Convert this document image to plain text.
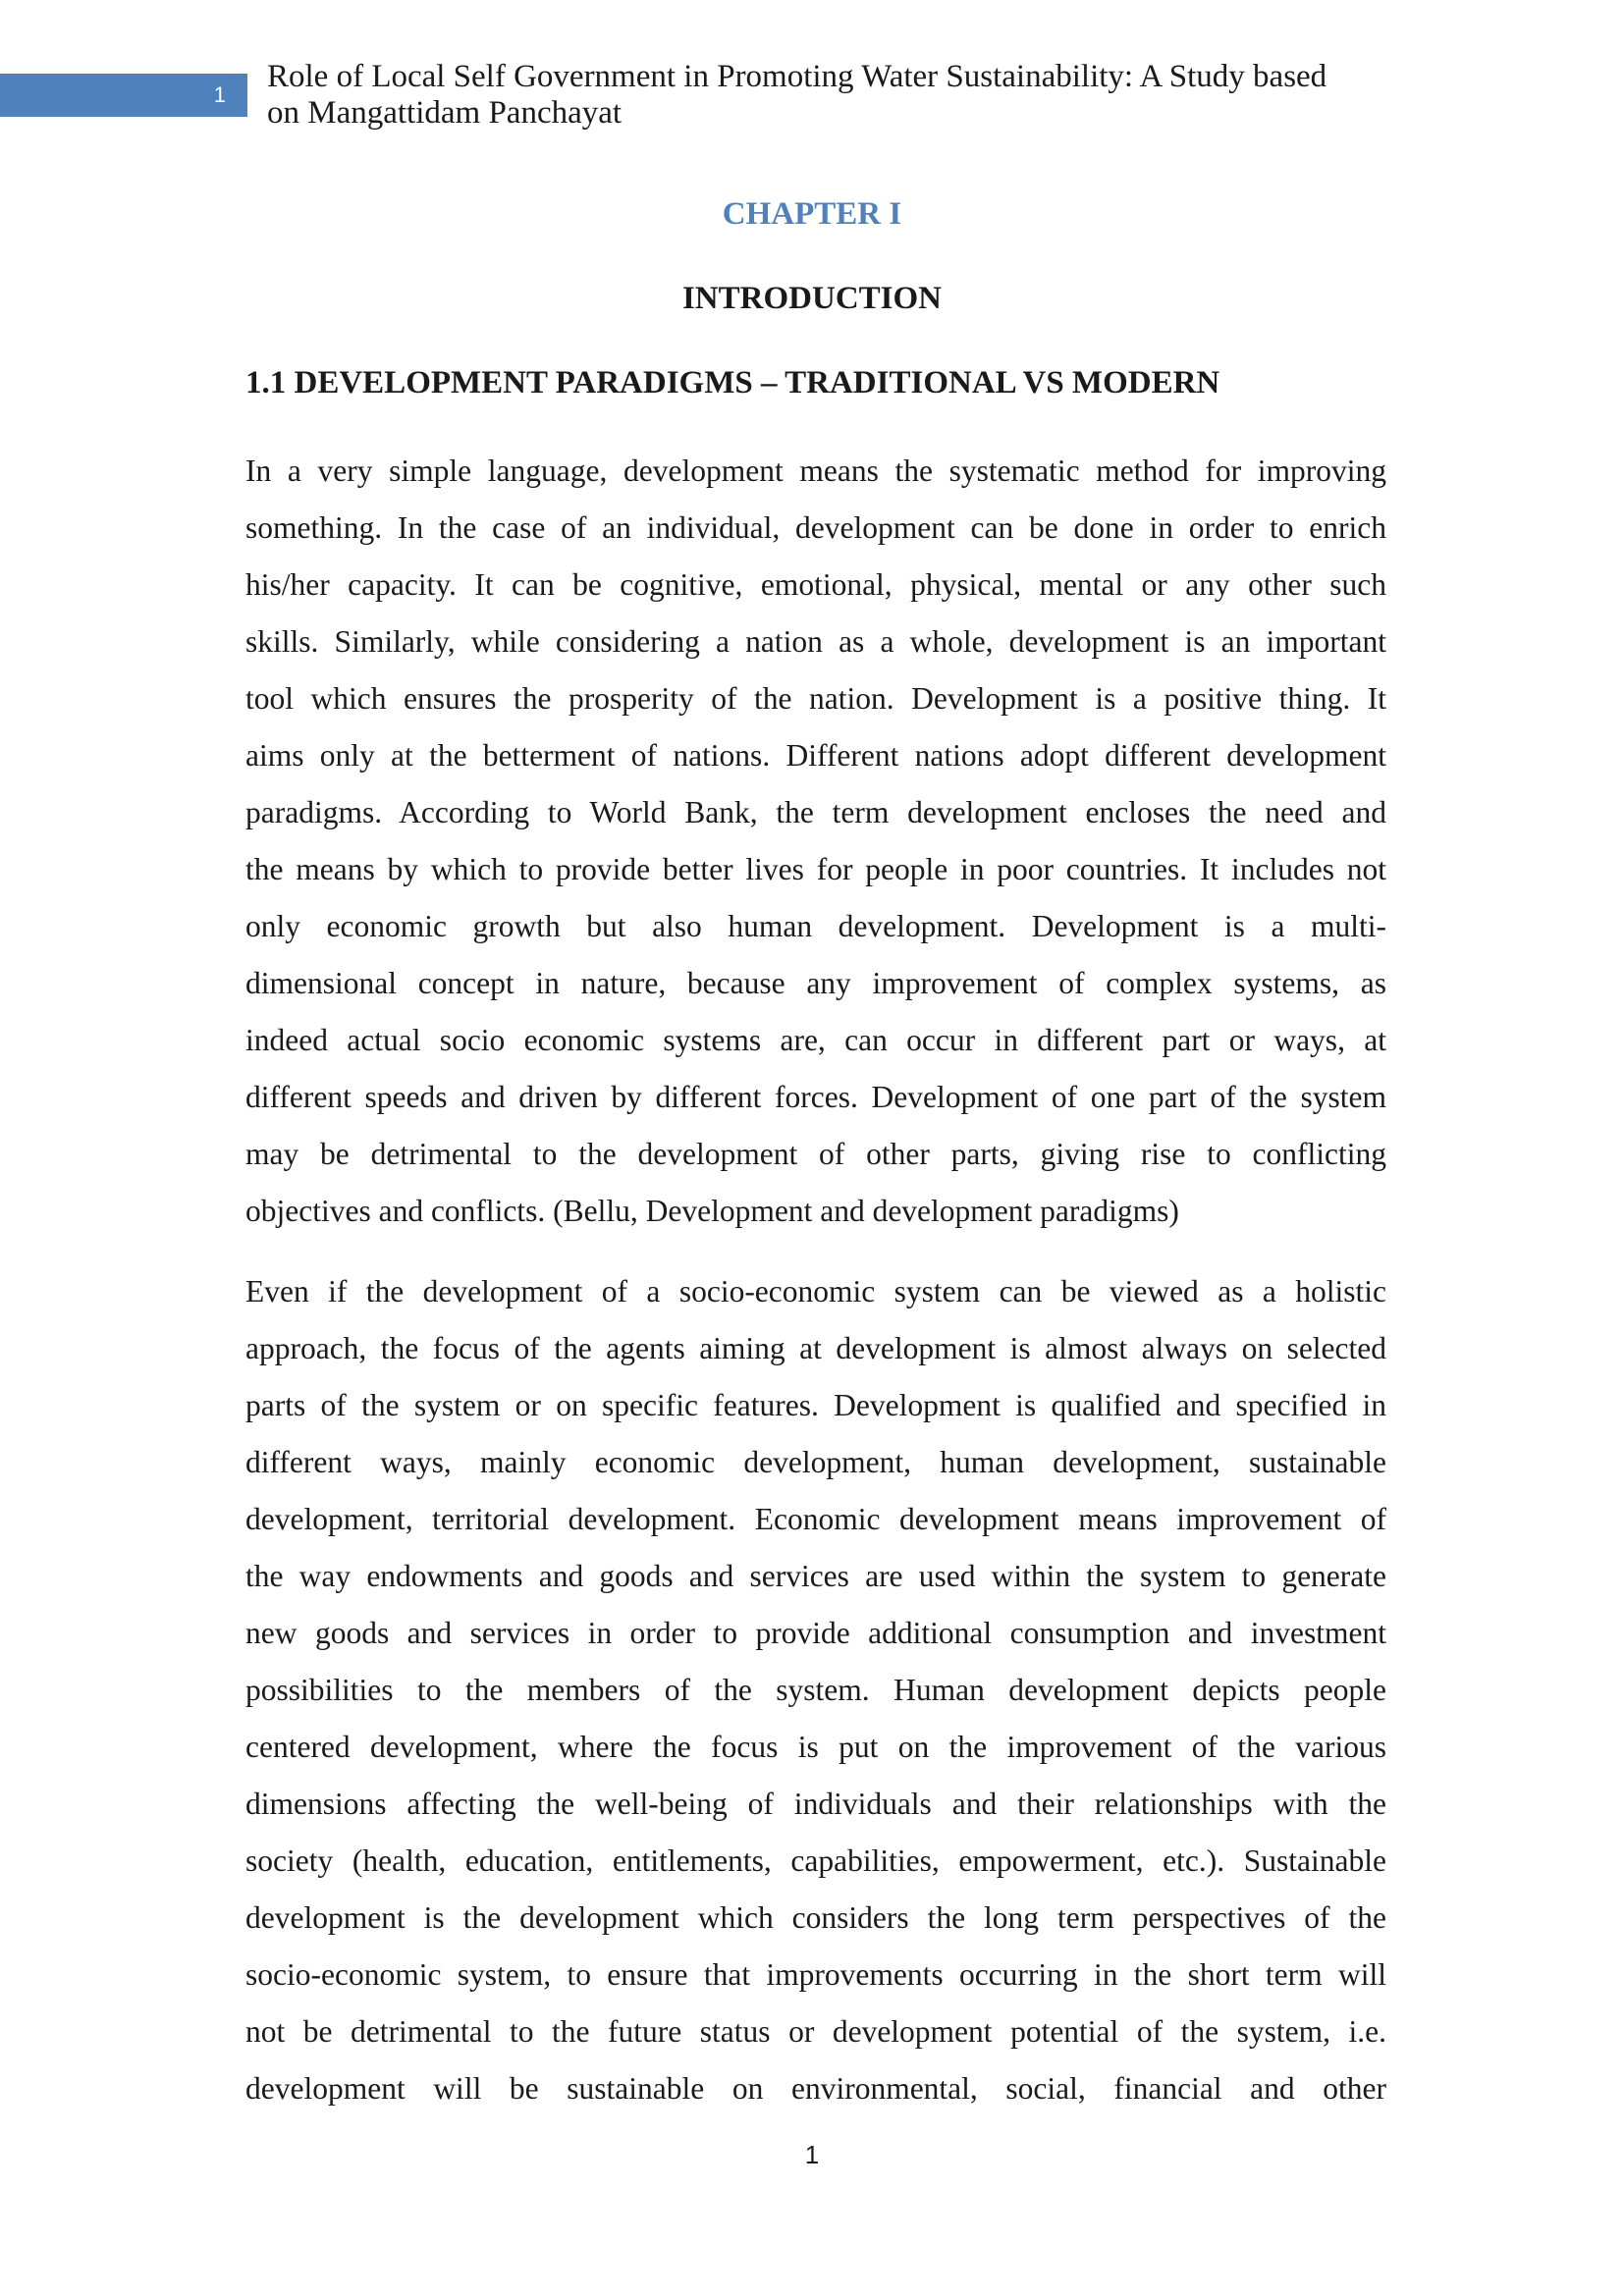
1
Role of Local Self Government in Promoting Water Sustainability: A Study based
on Mangattidam Panchayat
CHAPTER I
INTRODUCTION
1.1 DEVELOPMENT PARADIGMS – TRADITIONAL VS MODERN
In a very simple language, development means the systematic method for improving
something. In the case of an individual, development can be done in order to enrich
his/her capacity. It can be cognitive, emotional, physical, mental or any other such
skills. Similarly, while considering a nation as a whole, development is an important
tool which ensures the prosperity of the nation. Development is a positive thing. It
aims only at the betterment of nations. Different nations adopt different development
paradigms. According to World Bank, the term development encloses the need and
the means by which to provide better lives for people in poor countries. It includes not
only economic growth but also human development. Development is a multi-
dimensional concept in nature, because any improvement of complex systems, as
indeed actual socio economic systems are, can occur in different part or ways, at
different speeds and driven by different forces. Development of one part of the system
may be detrimental to the development of other parts, giving rise to conflicting
objectives and conflicts. (Bellu, Development and development paradigms)
Even if the development of a socio-economic system can be viewed as a holistic
approach, the focus of the agents aiming at development is almost always on selected
parts of the system or on specific features. Development is qualified and specified in
different ways, mainly economic development, human development, sustainable
development, territorial development. Economic development means improvement of
the way endowments and goods and services are used within the system to generate
new goods and services in order to provide additional consumption and investment
possibilities to the members of the system. Human development depicts people
centered development, where the focus is put on the improvement of the various
dimensions affecting the well-being of individuals and their relationships with the
society (health, education, entitlements, capabilities, empowerment, etc.). Sustainable
development is the development which considers the long term perspectives of the
socio-economic system, to ensure that improvements occurring in the short term will
not be detrimental to the future status or development potential of the system, i.e.
development will be sustainable on environmental, social, financial and other
1
